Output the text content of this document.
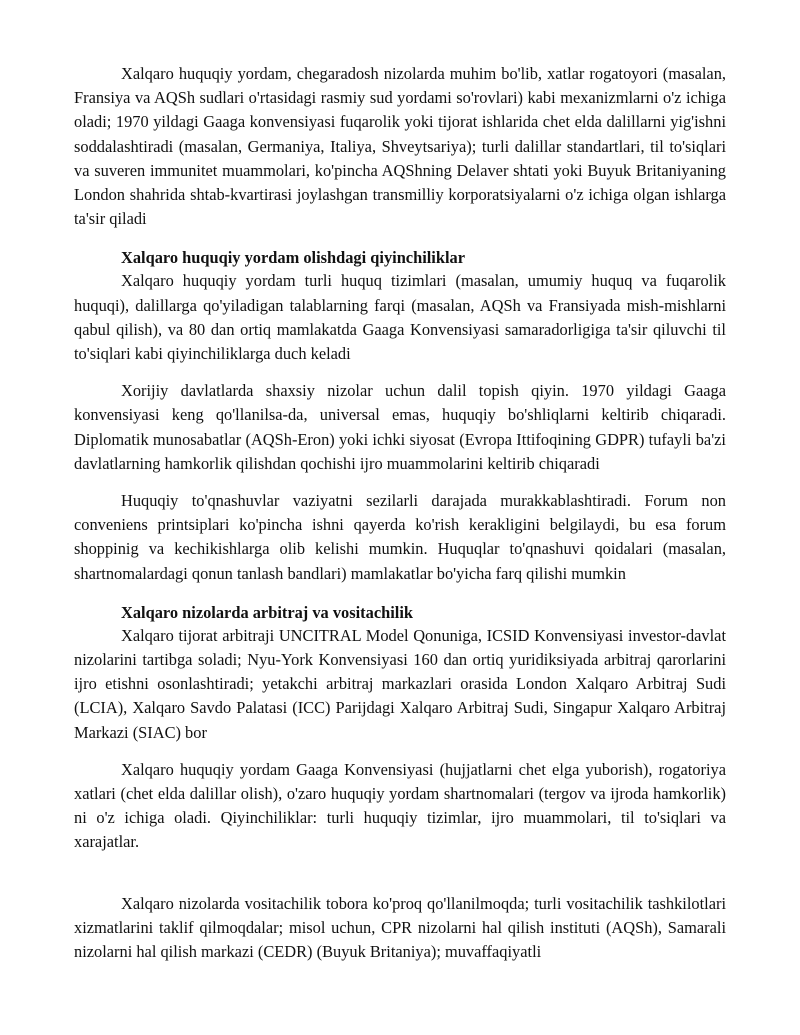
Xalqaro huquqiy yordam, chegaradosh nizolarda muhim bo'lib, xatlar rogatoyori (masalan, Fransiya va AQSh sudlari o'rtasidagi rasmiy sud yordami so'rovlari) kabi mexanizmlarni o'z ichiga oladi; 1970 yildagi Gaaga konvensiyasi fuqarolik yoki tijorat ishlarida chet elda dalillarni yig'ishni soddalashtiradi (masalan, Germaniya, Italiya, Shveytsariya); turli dalillar standartlari, til to'siqlari va suveren immunitet muammolari, ko'pincha AQShning Delaver shtati yoki Buyuk Britaniyaning London shahrida shtab-kvartirasi joylashgan transmilliy korporatsiyalarni o'z ichiga olgan ishlarga ta'sir qiladi

Xalqaro huquqiy yordam olishdagi qiyinchiliklar

Xalqaro huquqiy yordam turli huquq tizimlari (masalan, umumiy huquq va fuqarolik huquqi), dalillarga qo'yiladigan talablarning farqi (masalan, AQSh va Fransiyada mish-mishlarni qabul qilish), va 80 dan ortiq mamlakatda Gaaga Konvensiyasi samaradorligiga ta'sir qiluvchi til to'siqlari kabi qiyinchiliklarga duch keladi

Xorijiy davlatlarda shaxsiy nizolar uchun dalil topish qiyin. 1970 yildagi Gaaga konvensiyasi keng qo'llanilsa-da, universal emas, huquqiy bo'shliqlarni keltirib chiqaradi. Diplomatik munosabatlar (AQSh-Eron) yoki ichki siyosat (Evropa Ittifoqining GDPR) tufayli ba'zi davlatlarning hamkorlik qilishdan qochishi ijro muammolarini keltirib chiqaradi

Huquqiy to'qnashuvlar vaziyatni sezilarli darajada murakkablashtiradi. Forum non conveniens printsiplari ko'pincha ishni qayerda ko'rish kerakligini belgilaydi, bu esa forum shoppinig va kechikishlarga olib kelishi mumkin. Huquqlar to'qnashuvi qoidalari (masalan, shartnomalardagi qonun tanlash bandlari) mamlakatlar bo'yicha farq qilishi mumkin

Xalqaro nizolarda arbitraj va vositachilik

Xalqaro tijorat arbitraji UNCITRAL Model Qonuniga, ICSID Konvensiyasi investor-davlat nizolarini tartibga soladi; Nyu-York Konvensiyasi 160 dan ortiq yuridiksiyada arbitraj qarorlarini ijro etishni osonlashtiradi; yetakchi arbitraj markazlari orasida London Xalqaro Arbitraj Sudi (LCIA), Xalqaro Savdo Palatasi (ICC) Parijdagi Xalqaro Arbitraj Sudi, Singapur Xalqaro Arbitraj Markazi (SIAC) bor

Xalqaro huquqiy yordam Gaaga Konvensiyasi (hujjatlarni chet elga yuborish), rogatoriya xatlari (chet elda dalillar olish), o'zaro huquqiy yordam shartnomalari (tergov va ijroda hamkorlik) ni o'z ichiga oladi. Qiyinchiliklar: turli huquqiy tizimlar, ijro muammolari, til to'siqlari va xarajatlar.

Xalqaro nizolarda vositachilik tobora ko'proq qo'llanilmoqda; turli vositachilik tashkilotlari xizmatlarini taklif qilmoqdalar; misol uchun, CPR nizolarni hal qilish instituti (AQSh), Samarali nizolarni hal qilish markazi (CEDR) (Buyuk Britaniya); muvaffaqiyatli
